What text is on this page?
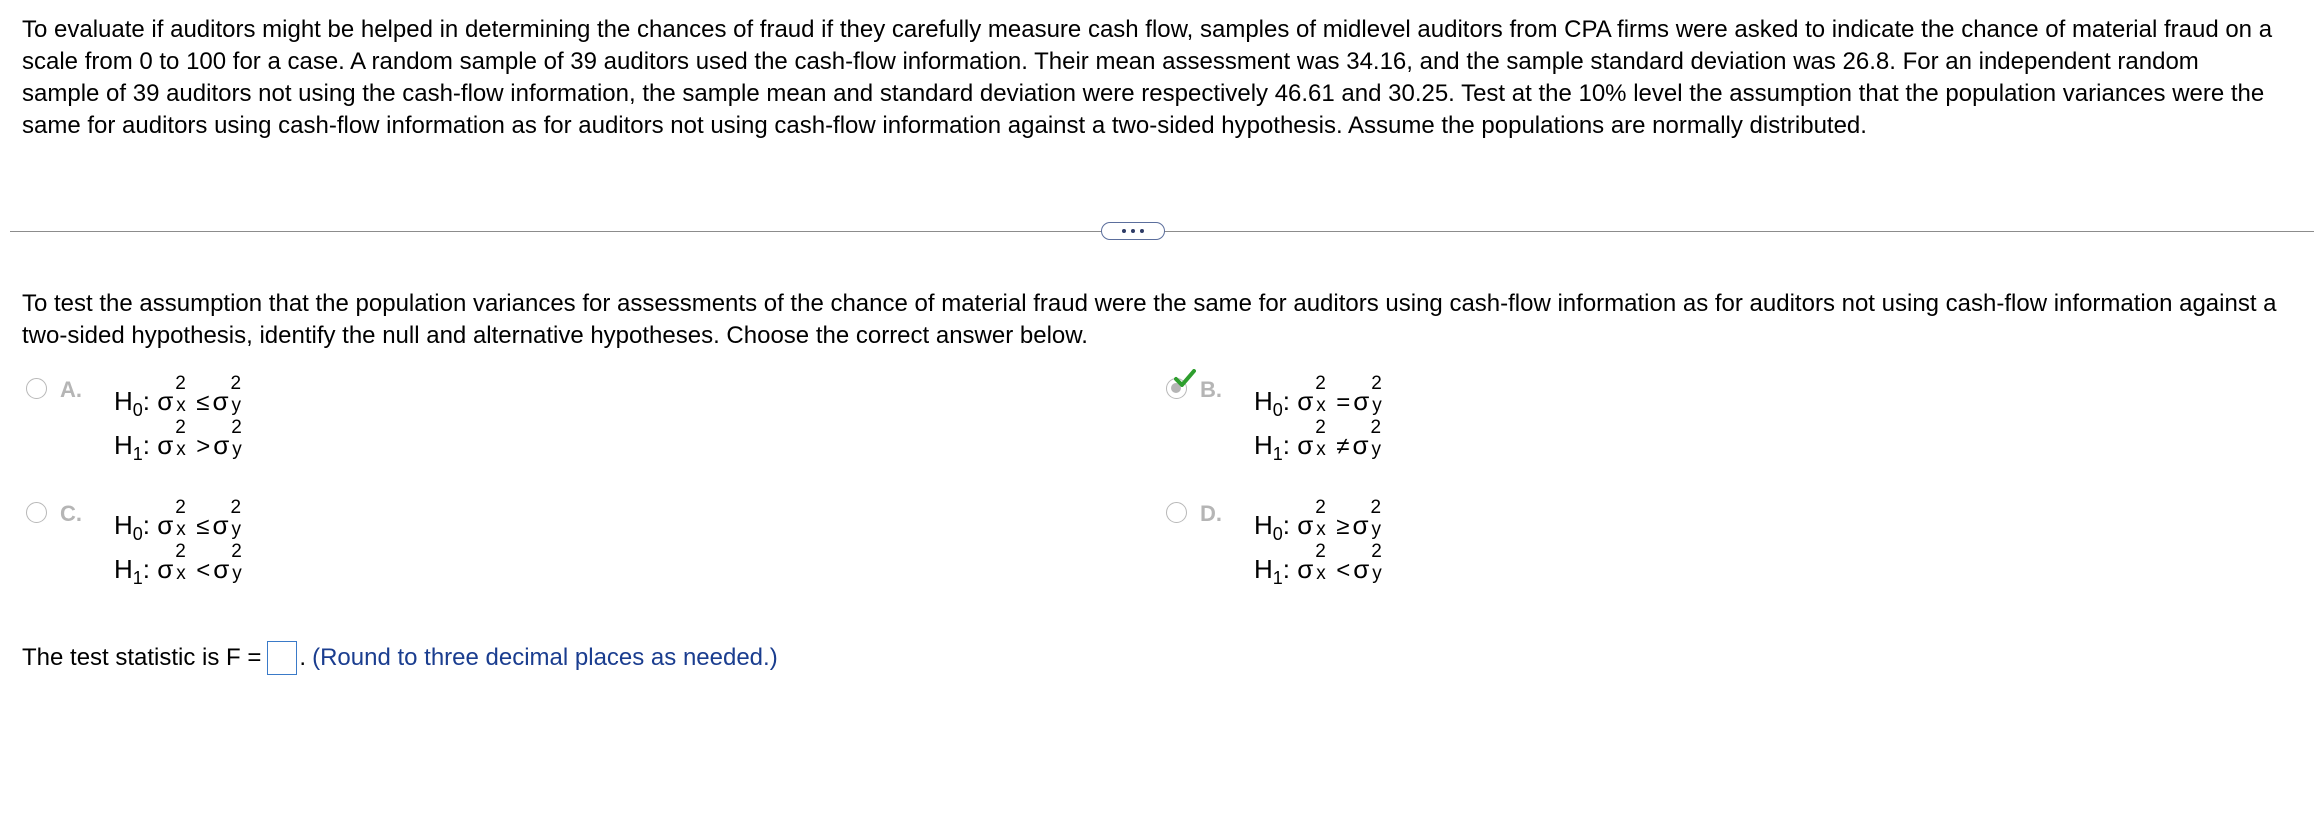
To evaluate if auditors might be helped in determining the chances of fraud if they carefully measure cash flow, samples of midlevel auditors from CPA firms were asked to indicate the chance of material fraud on a scale from 0 to 100 for a case. A random sample of 39 auditors used the cash-flow information. Their mean assessment was 34.16, and the sample standard deviation was 26.8. For an independent random sample of 39 auditors not using the cash-flow information, the sample mean and standard deviation were respectively 46.61 and 30.25. Test at the 10% level the assumption that the population variances were the same for auditors using cash-flow information as for auditors not using cash-flow information against a two-sided hypothesis. Assume the populations are normally distributed.
To test the assumption that the population variances for assessments of the chance of material fraud were the same for auditors using cash-flow information as for auditors not using cash-flow information against a two-sided hypothesis, identify the null and alternative hypotheses. Choose the correct answer below.
A. $H_0$: σ
2
x ≤ σ
2
y
$H_1$: σ
2
x > σ
2
y
B. $H_0$: σ
2
x = σ
2
y
$H_1$: σ
2
x ≠ σ
2
y
C. $H_0$: σ
2
x ≤ σ
2
y
$H_1$: σ
2
x < σ
2
y
D. $H_0$: σ
2
x ≥ σ
2
y
$H_1$: σ
2
x < σ
2
y
The test statistic is F = . (Round to three decimal places as needed.)
